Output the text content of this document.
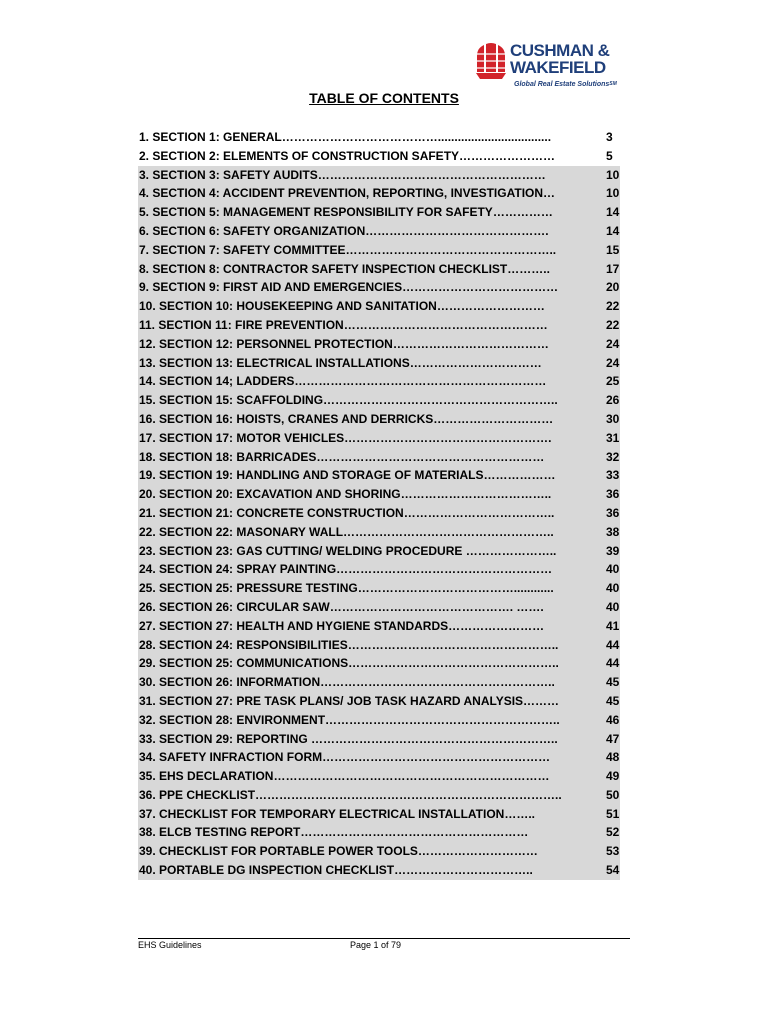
CUSHMAN &
WAKEFIELD
Global Real Estate Solutions℠
TABLE OF CONTENTS
1. SECTION 1: GENERAL…………………………………..................................	3
2. SECTION 2: ELEMENTS OF CONSTRUCTION SAFETY……………………	5
3. SECTION 3: SAFETY AUDITS…………………………………………………	10
4. SECTION 4: ACCIDENT PREVENTION, REPORTING, INVESTIGATION…	10
5. SECTION 5: MANAGEMENT RESPONSIBILITY FOR SAFETY……………	14
6. SECTION 6: SAFETY ORGANIZATION……………………………………….	14
7. SECTION 7: SAFETY COMMITTEE……………………………………………..	15
8. SECTION 8: CONTRACTOR SAFETY INSPECTION CHECKLIST………..	17
9. SECTION 9: FIRST AID AND EMERGENCIES…………………………………	20
10. SECTION 10: HOUSEKEEPING AND SANITATION………………………	22
11. SECTION 11: FIRE PREVENTION……………………………………………	22
12. SECTION 12: PERSONNEL PROTECTION…………………………………	24
13. SECTION 13: ELECTRICAL INSTALLATIONS……………………………	24
14. SECTION 14; LADDERS………………………………………………………	25
15. SECTION 15: SCAFFOLDING…………………………………………………..	26
16. SECTION 16: HOISTS, CRANES AND DERRICKS…………………………	30
17. SECTION 17: MOTOR VEHICLES…………………………………………….	31
18. SECTION 18: BARRICADES…………………………………………………	32
19. SECTION 19: HANDLING AND STORAGE OF MATERIALS………………	33
20. SECTION 20: EXCAVATION AND SHORING………………………………..	36
21. SECTION 21: CONCRETE CONSTRUCTION………………………………..	36
22. SECTION 22: MASONARY WALL……………………………………………..	38
23. SECTION 23: GAS CUTTING/ WELDING PROCEDURE …………………..	39
24. SECTION 24: SPRAY PAINTING………………………………………………	40
25. SECTION 25: PRESSURE TESTING…………………………………............	40
26. SECTION 26: CIRCULAR SAW………………………………………. …….	40
27. SECTION 27: HEALTH AND HYGIENE STANDARDS……………………	41
28. SECTION 24: RESPONSIBILITIES……………………………………………..	44
29. SECTION 25: COMMUNICATIONS……………………………………………..	44
30. SECTION 26: INFORMATION…………………………………………………..	45
31. SECTION 27: PRE TASK PLANS/ JOB TASK HAZARD ANALYSIS………	45
32. SECTION 28: ENVIRONMENT…………………………………………………..	46
33. SECTION 29: REPORTING ……………………………………………………..	47
34. SAFETY INFRACTION FORM…………………………………………………	48
35. EHS DECLARATION……………………………………………………………	49
36. PPE CHECKLIST…………………………………………………………………..	50
37. CHECKLIST FOR TEMPORARY ELECTRICAL INSTALLATION……..	51
38. ELCB TESTING REPORT…………………………………………………	52
39. CHECKLIST FOR PORTABLE POWER TOOLS…………………………	53
40. PORTABLE DG INSPECTION CHECKLIST……………………………..	54
EHS Guidelines	Page 1 of 79
